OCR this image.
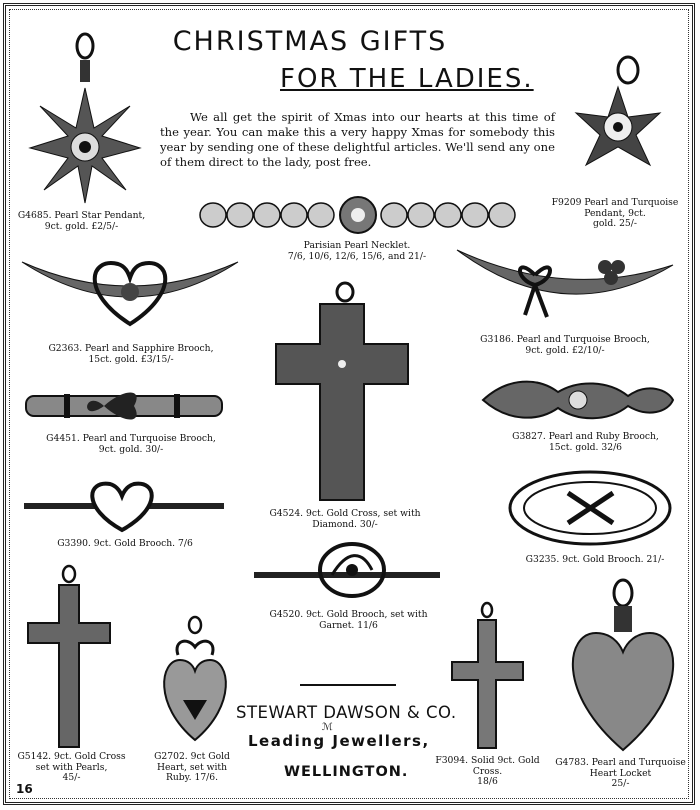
CHRISTMAS GIFTS
FOR THE LADIES.
We all get the spirit of Xmas into our hearts at this time of the year. You can make this a very happy Xmas for somebody this year by sending one of these delightful articles. We'll send any one of them direct to the lady, post free.
G4685. Pearl Star Pendant,
9ct. gold. £2/5/-
F9209 Pearl and Turquoise Pendant, 9ct.
gold. 25/-
Parisian Pearl Necklet.
7/6, 10/6, 12/6, 15/6, and 21/-
G2363. Pearl and Sapphire Brooch,
15ct. gold. £3/15/-
G3186. Pearl and Turquoise Brooch,
9ct. gold. £2/10/-
G4451. Pearl and Turquoise Brooch,
9ct. gold. 30/-
G3827. Pearl and Ruby Brooch,
15ct. gold. 32/6
G4524. 9ct. Gold Cross, set with
Diamond. 30/-
G3390. 9ct. Gold Brooch. 7/6
G3235. 9ct. Gold Brooch. 21/-
G4520. 9ct. Gold Brooch, set with
Garnet. 11/6
G5142. 9ct. Gold Cross set with Pearls,
45/-
G2702. 9ct Gold Heart, set with
Ruby. 17/6.
F3094. Solid 9ct. Gold Cross.
18/6
G4783. Pearl and Turquoise Heart Locket
25/-
STEWART DAWSON & CO.
ℳ
Leading Jewellers,
WELLINGTON.
16
